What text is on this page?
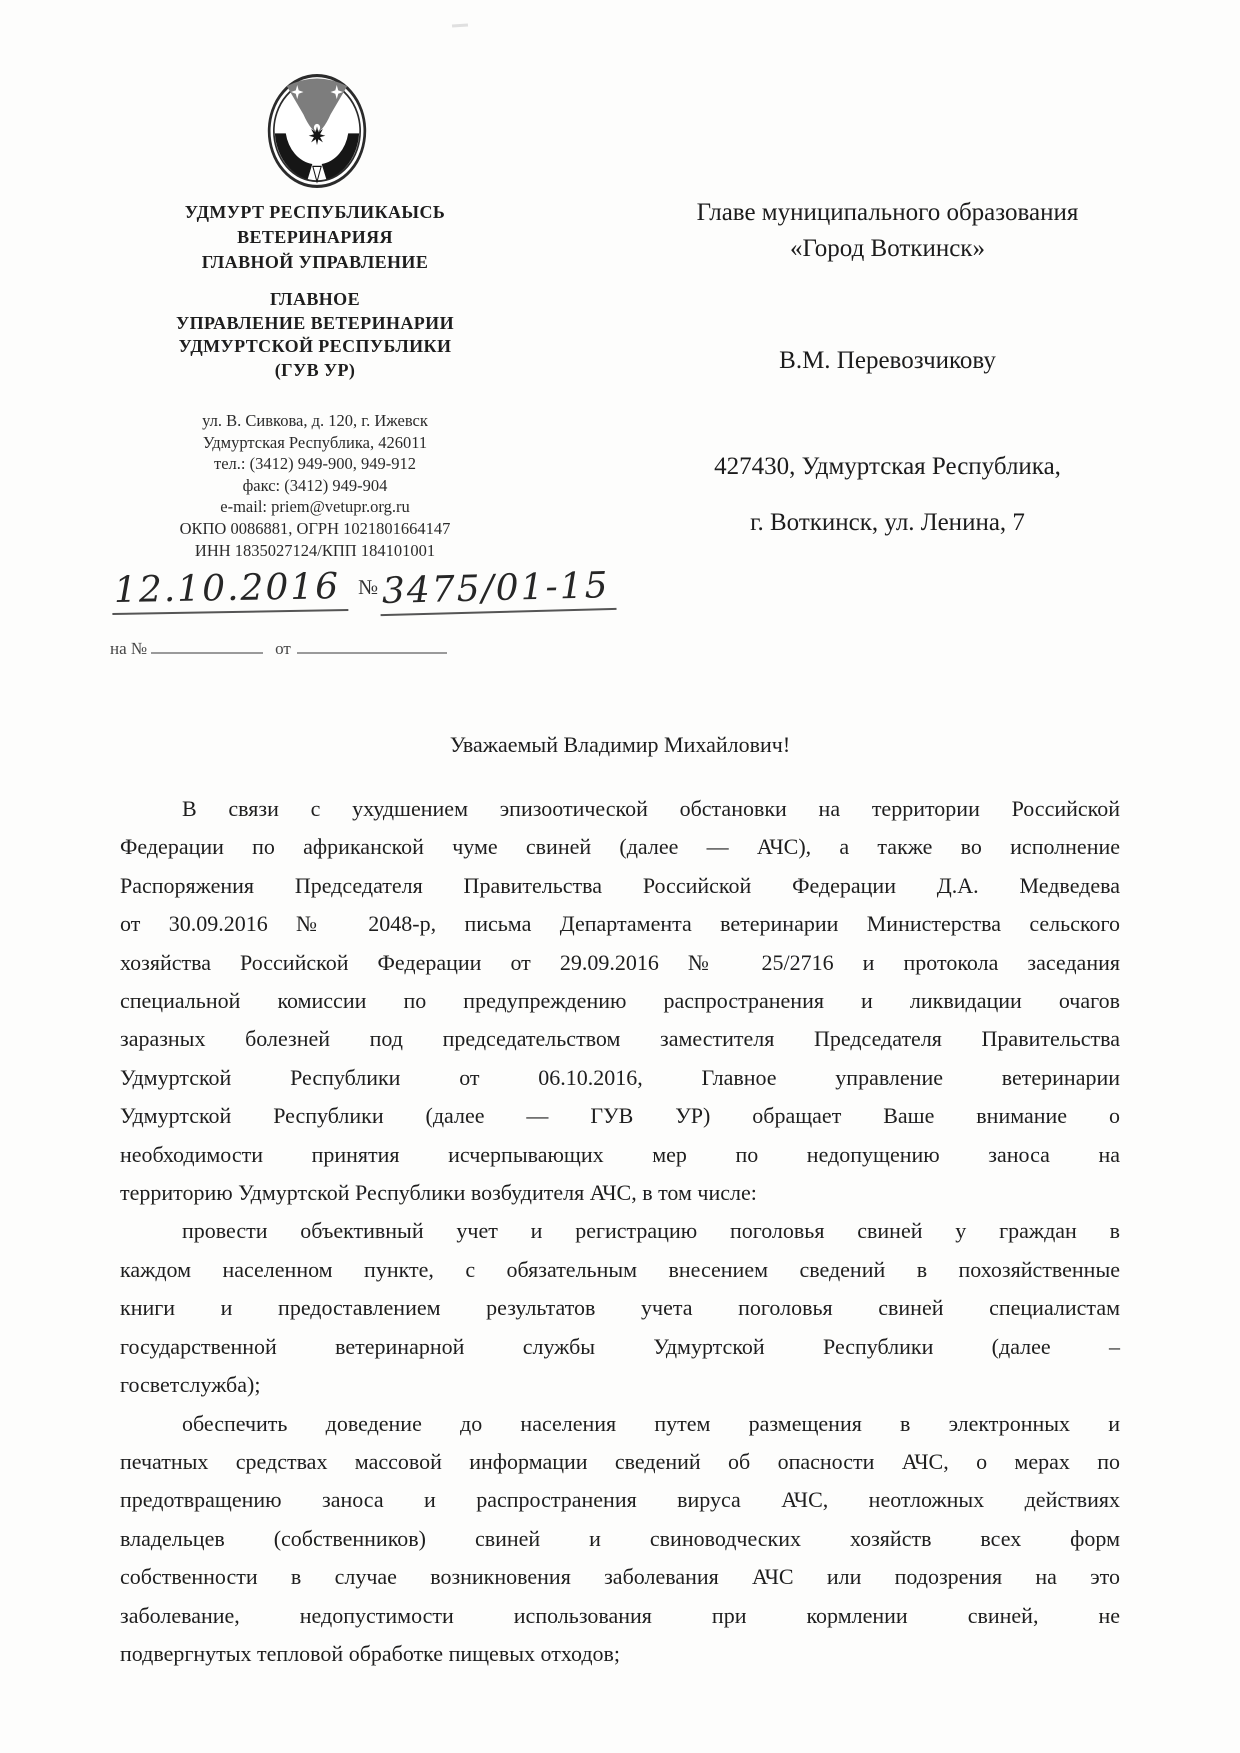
УДМУРТ РЕСПУБЛИКАЫСЬ
ВЕТЕРИНАРИЯЯ
ГЛАВНОЙ УПРАВЛЕНИЕ
ГЛАВНОЕ
УПРАВЛЕНИЕ ВЕТЕРИНАРИИ
УДМУРТСКОЙ РЕСПУБЛИКИ
(ГУВ УР)
ул. В. Сивкова, д. 120, г. Ижевск
Удмуртская Республика, 426011
тел.: (3412) 949-900, 949-912
факс: (3412) 949-904
e-mail: priem@vetupr.org.ru
ОКПО 0086881, ОГРН 1021801664147
ИНН 1835027124/КПП 184101001
12.10.2016 №3475/01-15
на №	от
Главе муниципального образования
«Город Воткинск»
В.М. Перевозчикову
427430, Удмуртская Республика,
г. Воткинск, ул. Ленина, 7
Уважаемый Владимир Михайлович!
В связи с ухудшением эпизоотической обстановки на территории Российской
Федерации по африканской чуме свиней (далее — АЧС), а также во исполнение
Распоряжения Председателя Правительства Российской Федерации Д.А. Медведева
от 30.09.2016 № 2048-р, письма Департамента ветеринарии Министерства сельского
хозяйства Российской Федерации от 29.09.2016 № 25/2716 и протокола заседания
специальной комиссии по предупреждению распространения и ликвидации очагов
заразных болезней под председательством заместителя Председателя Правительства
Удмуртской Республики от 06.10.2016, Главное управление ветеринарии
Удмуртской Республики (далее — ГУВ УР) обращает Ваше внимание о
необходимости принятия исчерпывающих мер по недопущению заноса на
территорию Удмуртской Республики возбудителя АЧС, в том числе:
провести объективный учет и регистрацию поголовья свиней у граждан в
каждом населенном пункте, с обязательным внесением сведений в похозяйственные
книги и предоставлением результатов учета поголовья свиней специалистам
государственной ветеринарной службы Удмуртской Республики (далее –
госветслужба);
обеспечить доведение до населения путем размещения в электронных и
печатных средствах массовой информации сведений об опасности АЧС, о мерах по
предотвращению заноса и распространения вируса АЧС, неотложных действиях
владельцев (собственников) свиней и свиноводческих хозяйств всех форм
собственности в случае возникновения заболевания АЧС или подозрения на это
заболевание, недопустимости использования при кормлении свиней, не
подвергнутых тепловой обработке пищевых отходов;
